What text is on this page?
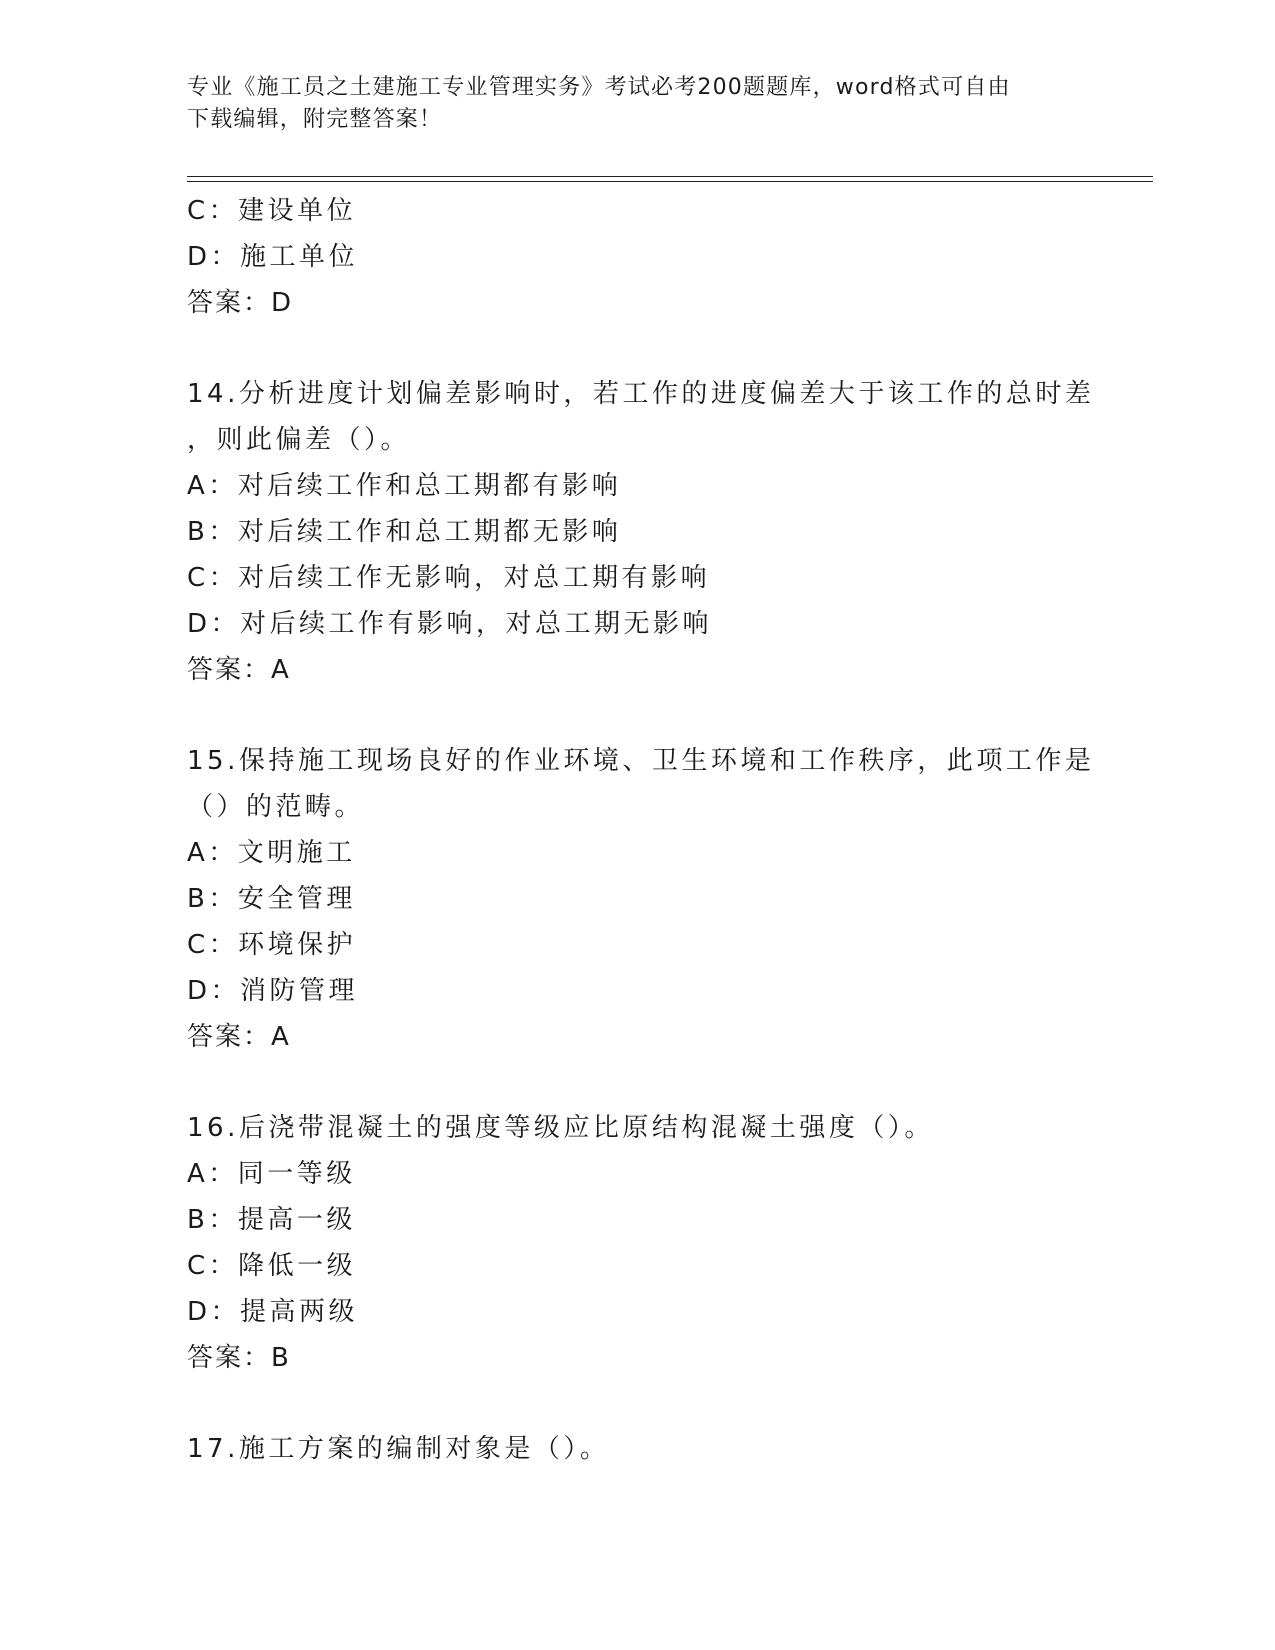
专业《施工员之土建施工专业管理实务》考试必考200题题库，word格式可自由
下载编辑，附完整答案！
C：建设单位
D：施工单位
答案：D
14.分析进度计划偏差影响时，若工作的进度偏差大于该工作的总时差
，则此偏差（）。
A：对后续工作和总工期都有影响
B：对后续工作和总工期都无影响
C：对后续工作无影响，对总工期有影响
D：对后续工作有影响，对总工期无影响
答案：A
15.保持施工现场良好的作业环境、卫生环境和工作秩序，此项工作是
（）的范畴。
A：文明施工
B：安全管理
C：环境保护
D：消防管理
答案：A
16.后浇带混凝土的强度等级应比原结构混凝土强度（）。
A：同一等级
B：提高一级
C：降低一级
D：提高两级
答案：B
17.施工方案的编制对象是（）。
